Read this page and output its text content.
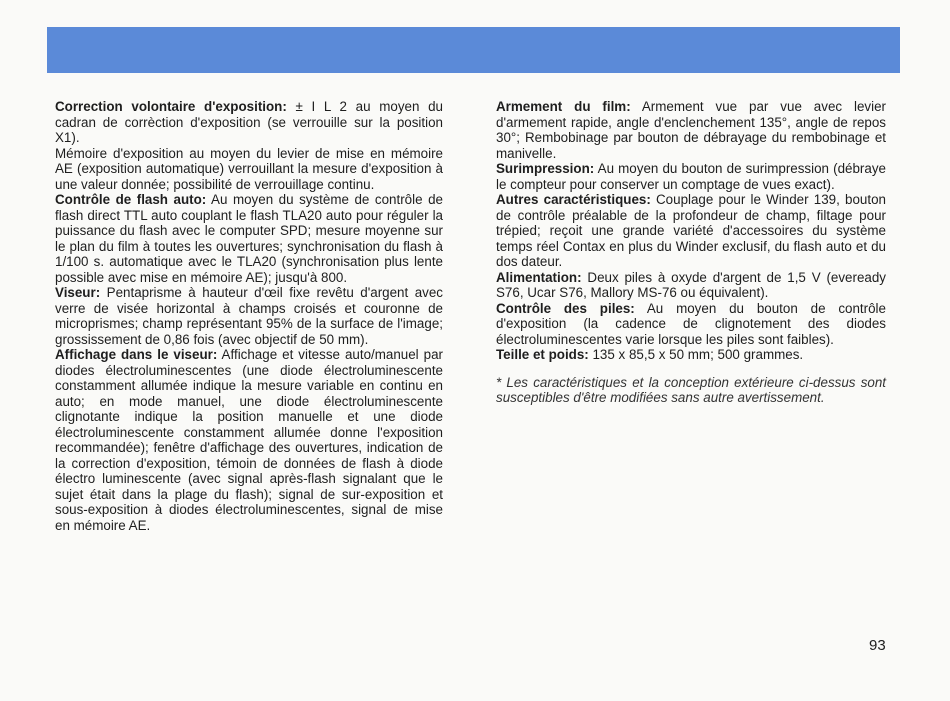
Correction volontaire d'exposition: ± I L 2 au moyen du cadran de corrèction d'exposition (se verrouille sur la position X1).

Mémoire d'exposition au moyen du levier de mise en mémoire AE (exposition automatique) verrouillant la mesure d'exposition à une valeur donnée; possibilité de verrouillage continu.

Contrôle de flash auto: Au moyen du système de contrôle de flash direct TTL auto couplant le flash TLA20 auto pour réguler la puissance du flash avec le computer SPD; mesure moyenne sur le plan du film à toutes les ouvertures; synchronisation du flash à 1/100 s. automatique avec le TLA20 (synchronisation plus lente possible avec mise en mémoire AE); jusqu'à 800.

Viseur: Pentaprisme à hauteur d'œil fixe revêtu d'argent avec verre de visée horizontal à champs croisés et couronne de microprismes; champ représentant 95% de la surface de l'image; grossissement de 0,86 fois (avec objectif de 50 mm).

Affichage dans le viseur: Affichage et vitesse auto/manuel par diodes électroluminescentes (une diode électroluminescente constamment allumée indique la mesure variable en continu en auto; en mode manuel, une diode électroluminescente clignotante indique la position manuelle et une diode électroluminescente constamment allumée donne l'exposition recommandée); fenêtre d'affichage des ouvertures, indication de la correction d'exposition, témoin de données de flash à diode électro luminescente (avec signal après-flash signalant que le sujet était dans la plage du flash); signal de sur-exposition et sous-exposition à diodes électroluminescentes, signal de mise en mémoire AE.

Armement du film: Armement vue par vue avec levier d'armement rapide, angle d'enclenchement 135°, angle de repos 30°; Rembobinage par bouton de débrayage du rembobinage et manivelle.

Surimpression: Au moyen du bouton de surimpression (débraye le compteur pour conserver un comptage de vues exact).

Autres caractéristiques: Couplage pour le Winder 139, bouton de contrôle préalable de la profondeur de champ, filtage pour trépied; reçoit une grande variété d'accessoires du système temps réel Contax en plus du Winder exclusif, du flash auto et du dos dateur.

Alimentation: Deux piles à oxyde d'argent de 1,5 V (eveready S76, Ucar S76, Mallory MS-76 ou équivalent).

Contrôle des piles: Au moyen du bouton de contrôle d'exposition (la cadence de clignotement des diodes électroluminescentes varie lorsque les piles sont faibles).

Teille et poids: 135 x 85,5 x 50 mm; 500 grammes.

* Les caractéristiques et la conception extérieure ci-dessus sont susceptibles d'être modifiées sans autre avertissement.

93
